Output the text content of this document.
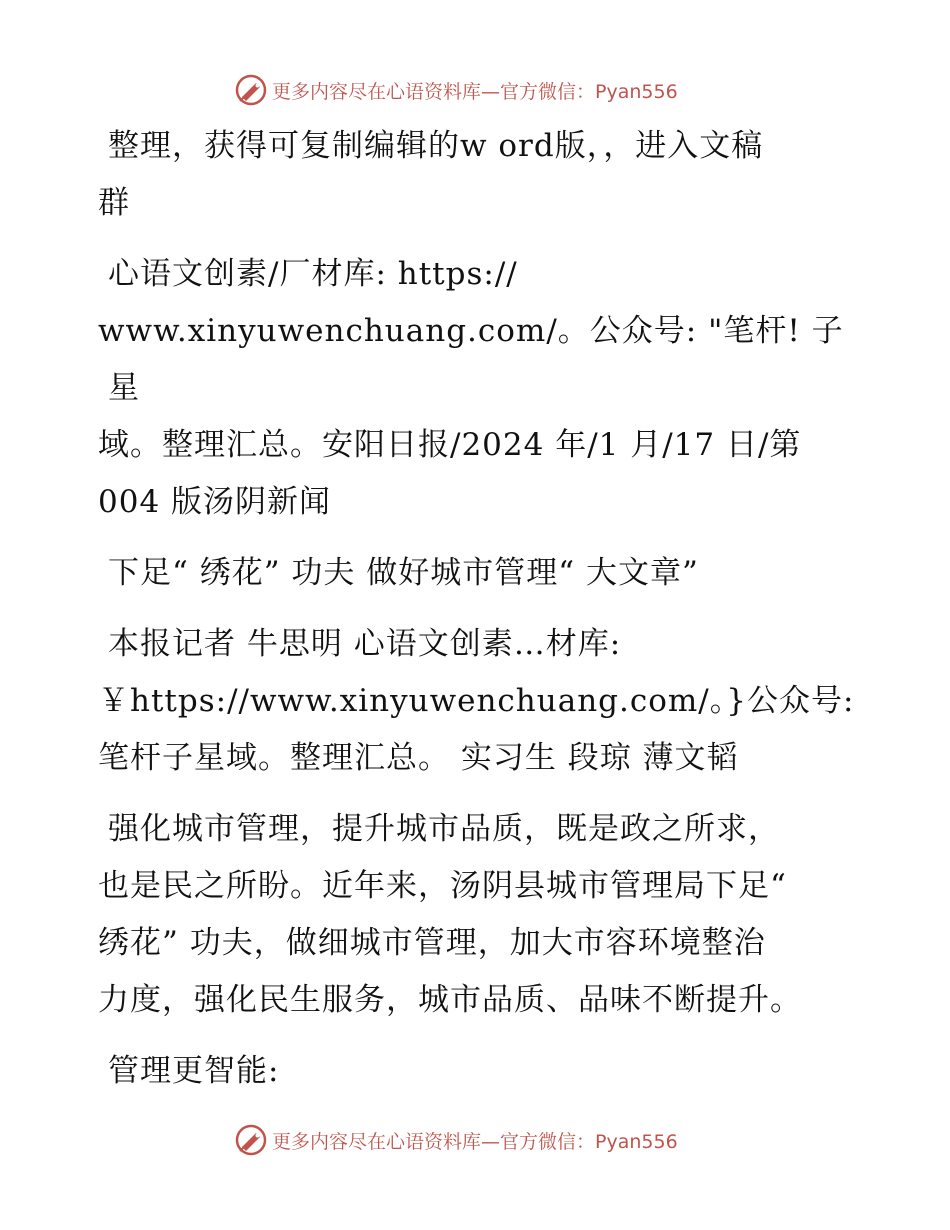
更多内容尽在心语资料库—官方微信：Pyan556

整理，获得可复制编辑的w ord版，，进入文稿
群

心语文创素/厂材库: https://
www.xinyuwenchuang.com/。公众号: "笔杆! 子星
域。整理汇总。安阳日报/2024 年/1 月/17 日/第
004 版汤阴新闻

下足“ 绣花” 功夫 做好城市管理“ 大文章”

本报记者 牛思明 心语文创素…材库:
￥https://www.xinyuwenchuang.com/。}公众号:
笔杆子星域。整理汇总。 实习生 段琼 薄文韬

强化城市管理，提升城市品质，既是政之所求，
也是民之所盼。近年来，汤阴县城市管理局下足“
绣花” 功夫，做细城市管理，加大市容环境整治
力度，强化民生服务，城市品质、品味不断提升。

管理更智能:

更多内容尽在心语资料库—官方微信：Pyan556
